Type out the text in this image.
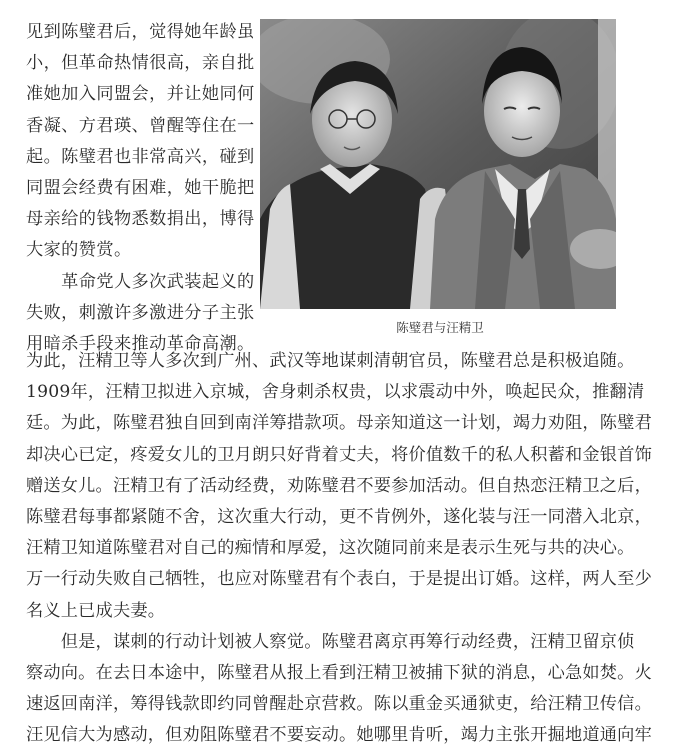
见到陈璧君后，觉得她年龄虽
小，但革命热情很高，亲自批
准她加入同盟会，并让她同何
香凝、方君瑛、曾醒等住在一
起。陈璧君也非常高兴，碰到
同盟会经费有困难，她干脆把
母亲给的钱物悉数捐出，博得
大家的赞赏。
　　革命党人多次武装起义的
失败，刺激许多激进分子主张
用暗杀手段来推动革命高潮。
陈璧君与汪精卫
为此，汪精卫等人多次到广州、武汉等地谋刺清朝官员，陈璧君总是积极追随。
1909年，汪精卫拟进入京城，舍身刺杀权贵，以求震动中外，唤起民众，推翻清
廷。为此，陈璧君独自回到南洋筹措款项。母亲知道这一计划，竭力劝阻，陈璧君
却决心已定，疼爱女儿的卫月朗只好背着丈夫，将价值数千的私人积蓄和金银首饰
赠送女儿。汪精卫有了活动经费，劝陈璧君不要参加活动。但自热恋汪精卫之后，
陈璧君每事都紧随不舍，这次重大行动，更不肯例外，遂化装与汪一同潜入北京，
汪精卫知道陈璧君对自己的痴情和厚爱，这次随同前来是表示生死与共的决心。
万一行动失败自己牺牲，也应对陈璧君有个表白，于是提出订婚。这样，两人至少
名义上已成夫妻。
　　但是，谋刺的行动计划被人察觉。陈璧君离京再筹行动经费，汪精卫留京侦
察动向。在去日本途中，陈璧君从报上看到汪精卫被捕下狱的消息，心急如焚。火
速返回南洋，筹得钱款即约同曾醒赴京营救。陈以重金买通狱吏，给汪精卫传信。
汪见信大为感动，但劝阻陈璧君不要妄动。她哪里肯听，竭力主张开掘地道通向牢
